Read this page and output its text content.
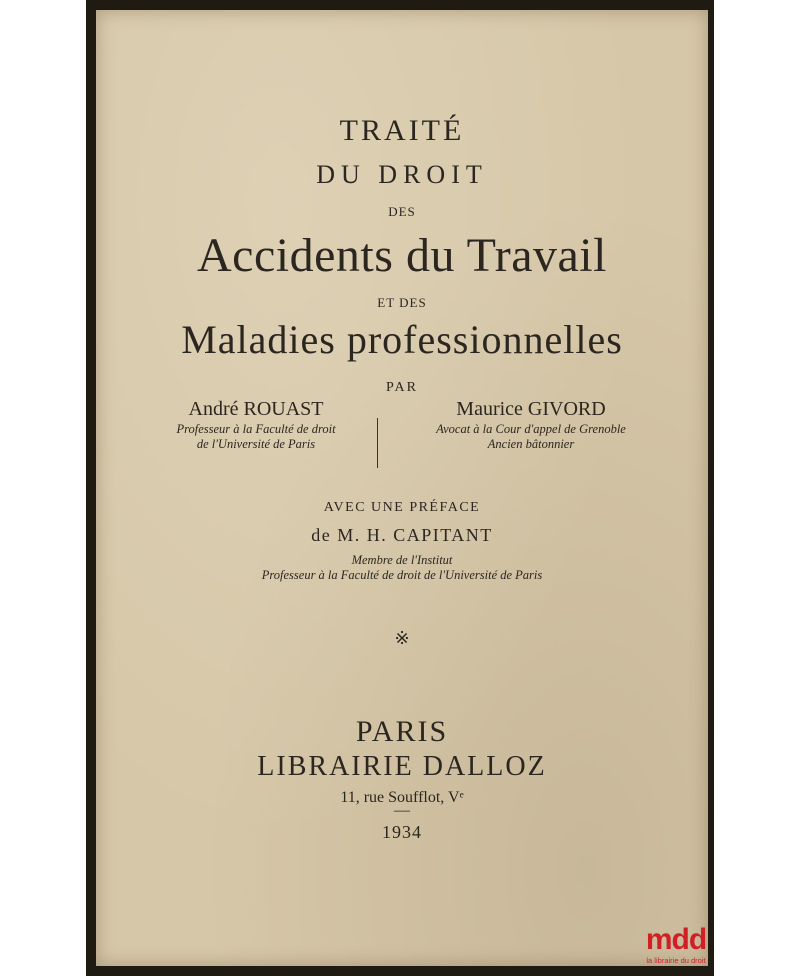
TRAITÉ
DU DROIT
DES
Accidents du Travail
ET DES
Maladies professionnelles
PAR
André ROUAST
Professeur à la Faculté de droit
de l'Université de Paris
Maurice GIVORD
Avocat à la Cour d'appel de Grenoble
Ancien bâtonnier
AVEC UNE PRÉFACE
de M. H. CAPITANT
Membre de l'Institut
Professeur à la Faculté de droit de l'Université de Paris
※
PARIS
LIBRAIRIE DALLOZ
11, rue Soufflot, Vᵉ
—
1934
mdd
la librairie du droit
